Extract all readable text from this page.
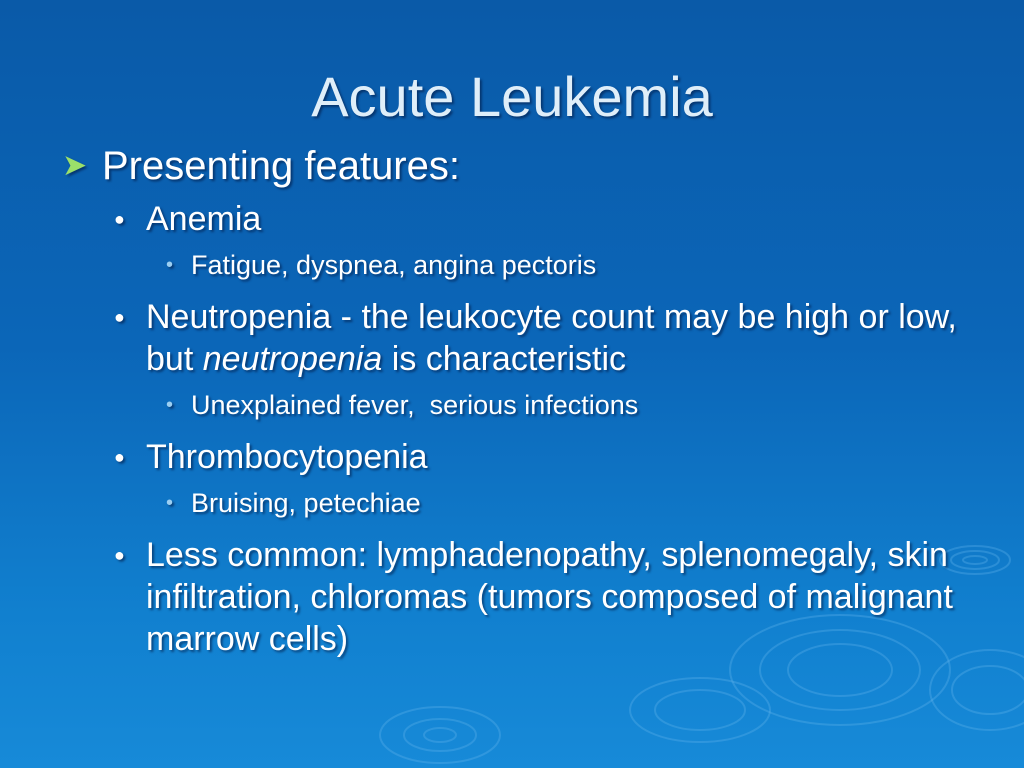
Acute Leukemia
➤ Presenting features:
● Anemia
• Fatigue, dyspnea, angina pectoris
● Neutropenia - the leukocyte count may be high or low, but neutropenia is characteristic
• Unexplained fever,  serious infections
● Thrombocytopenia
• Bruising, petechiae
● Less common: lymphadenopathy, splenomegaly, skin infiltration, chloromas (tumors composed of malignant marrow cells)
